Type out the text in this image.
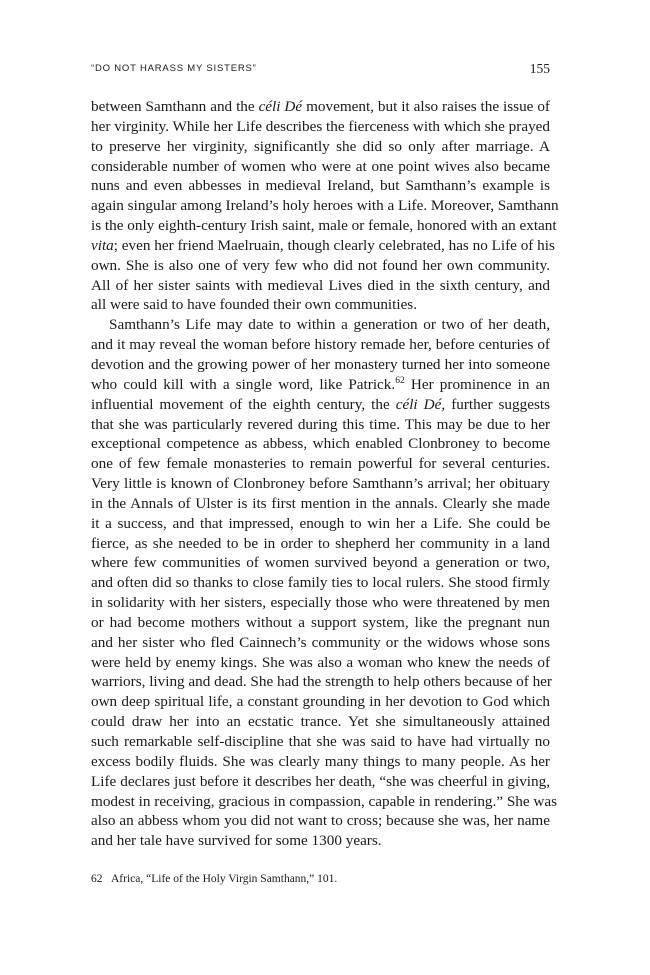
“DO NOT HARASS MY SISTERS”	155
between Samthann and the céli Dé movement, but it also raises the issue of
her virginity. While her Life describes the fierceness with which she prayed
to preserve her virginity, significantly she did so only after marriage. A
considerable number of women who were at one point wives also became
nuns and even abbesses in medieval Ireland, but Samthann’s example is
again singular among Ireland’s holy heroes with a Life. Moreover, Samthann
is the only eighth-century Irish saint, male or female, honored with an extant
vita; even her friend Maelruain, though clearly celebrated, has no Life of his
own. She is also one of very few who did not found her own community.
All of her sister saints with medieval Lives died in the sixth century, and
all were said to have founded their own communities.
Samthann’s Life may date to within a generation or two of her death,
and it may reveal the woman before history remade her, before centuries of
devotion and the growing power of her monastery turned her into someone
who could kill with a single word, like Patrick.$^{62}$ Her prominence in an
influential movement of the eighth century, the céli Dé, further suggests
that she was particularly revered during this time. This may be due to her
exceptional competence as abbess, which enabled Clonbroney to become
one of few female monasteries to remain powerful for several centuries.
Very little is known of Clonbroney before Samthann’s arrival; her obituary
in the Annals of Ulster is its first mention in the annals. Clearly she made
it a success, and that impressed, enough to win her a Life. She could be
fierce, as she needed to be in order to shepherd her community in a land
where few communities of women survived beyond a generation or two,
and often did so thanks to close family ties to local rulers. She stood firmly
in solidarity with her sisters, especially those who were threatened by men
or had become mothers without a support system, like the pregnant nun
and her sister who fled Cainnech’s community or the widows whose sons
were held by enemy kings. She was also a woman who knew the needs of
warriors, living and dead. She had the strength to help others because of her
own deep spiritual life, a constant grounding in her devotion to God which
could draw her into an ecstatic trance. Yet she simultaneously attained
such remarkable self-discipline that she was said to have had virtually no
excess bodily fluids. She was clearly many things to many people. As her
Life declares just before it describes her death, “she was cheerful in giving,
modest in receiving, gracious in compassion, capable in rendering.” She was
also an abbess whom you did not want to cross; because she was, her name
and her tale have survived for some 1300 years.
62 Africa, “Life of the Holy Virgin Samthann,” 101.
